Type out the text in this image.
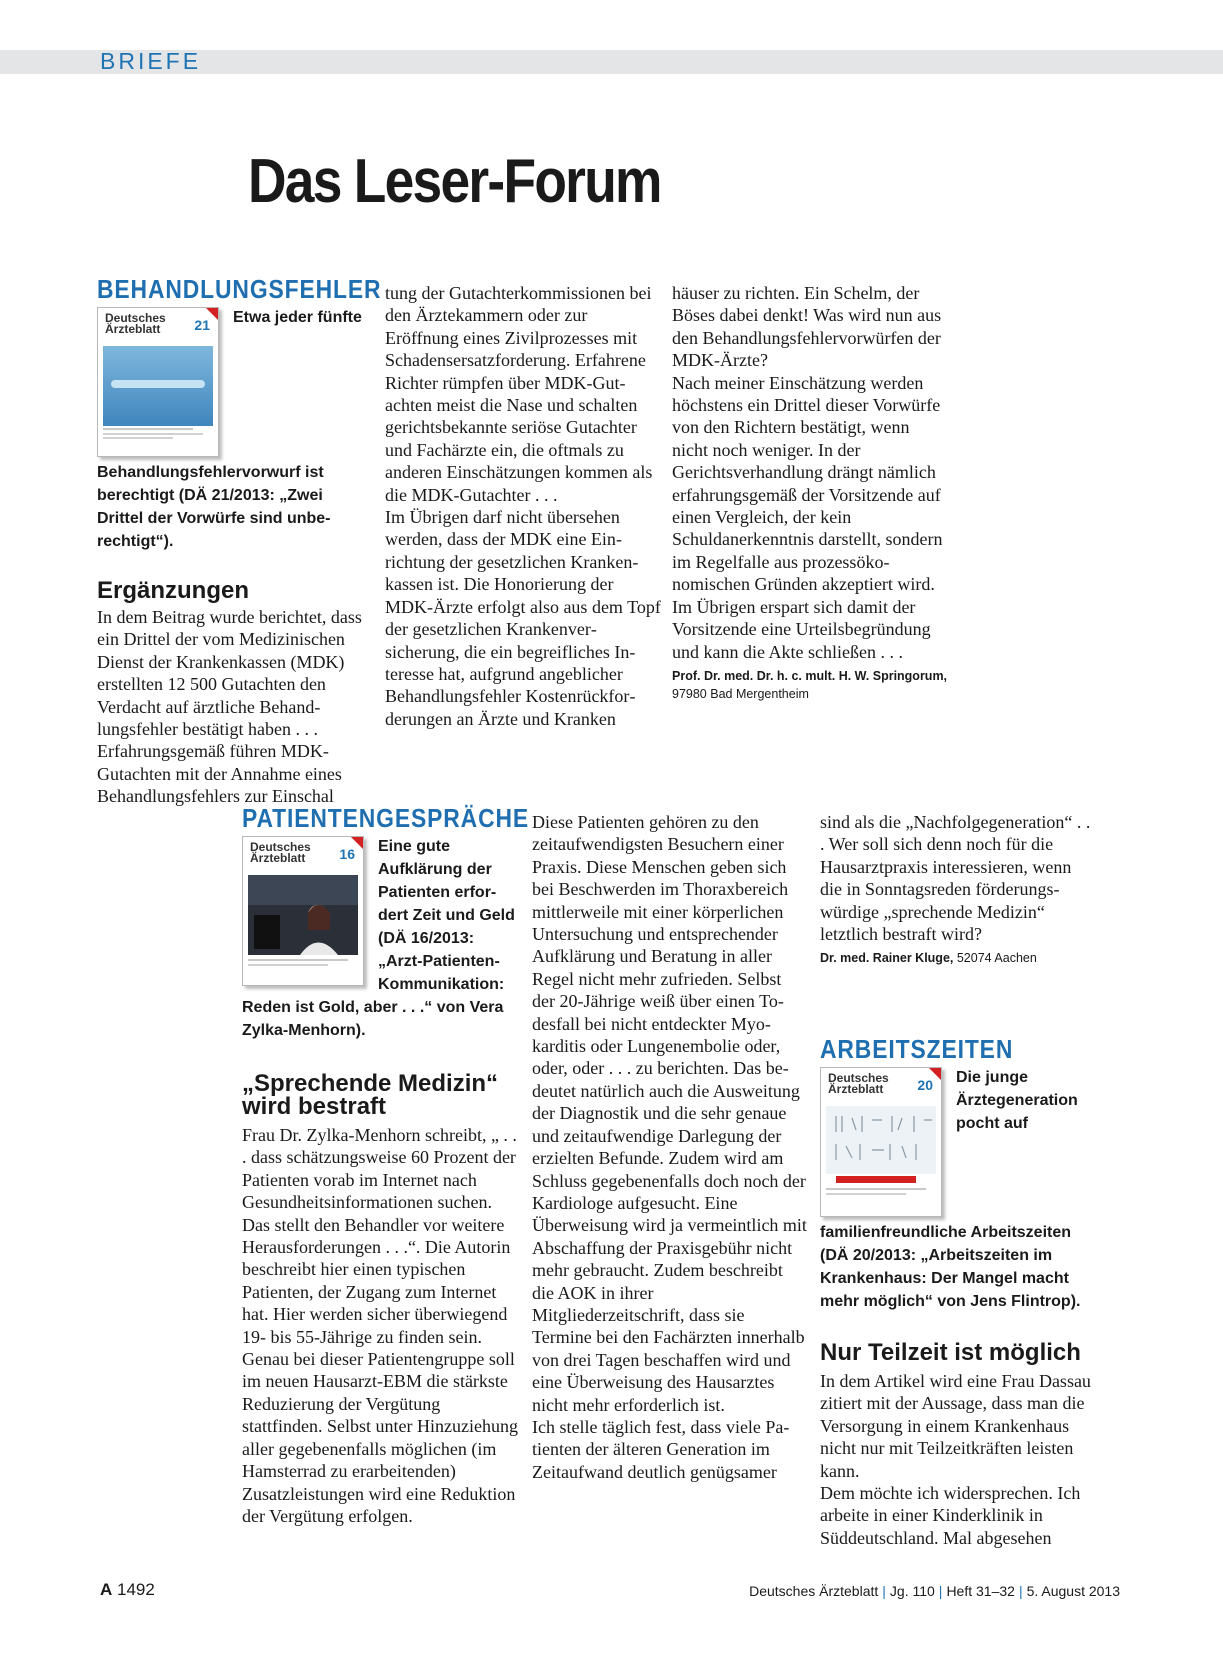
BRIEFE
Das Leser-Forum
BEHANDLUNGSFEHLER
Deutsches Ärzteblatt	21	Etwa jeder fünfte Behandlungsfehlervorwurf ist berechtigt (DÄ 21/2013: „Zwei Drittel der Vorwürfe sind unberechtigt“).
Ergänzungen

In dem Beitrag wurde berichtet, dass ein Drittel der vom Medizinischen Dienst der Krankenkassen (MDK) erstellten 12 500 Gutachten den Verdacht auf ärztliche Behandlungsfehler bestätigt haben . . . Erfahrungsgemäß führen MDK-Gutachten mit der Annahme eines Behandlungsfehlers zur Einschal

tung der Gutachterkommissionen bei den Ärztekammern oder zur Eröffnung eines Zivilprozesses mit Schadensersatzforderung. Erfahrene Richter rümpfen über MDK-Gutachten meist die Nase und schalten gerichtsbekannte seriöse Gutachter und Fachärzte ein, die oftmals zu anderen Einschätzungen kommen als die MDK-Gutachter . . .

Im Übrigen darf nicht übersehen werden, dass der MDK eine Einrichtung der gesetzlichen Krankenkassen ist. Die Honorierung der MDK-Ärzte erfolgt also aus dem Topf der gesetzlichen Krankenversicherung, die ein begreifliches Interesse hat, aufgrund angeblicher Behandlungsfehler Kostenrückforderungen an Ärzte und Kranken

häuser zu richten. Ein Schelm, der Böses dabei denkt! Was wird nun aus den Behandlungsfehlervorwürfen der MDK-Ärzte?

Nach meiner Einschätzung werden höchstens ein Drittel dieser Vorwürfe von den Richtern bestätigt, wenn nicht noch weniger. In der Gerichtsverhandlung drängt nämlich erfahrungsgemäß der Vorsitzende auf einen Vergleich, der kein Schuldanerkenntnis darstellt, sondern im Regelfalle aus prozessökonomischen Gründen akzeptiert wird. Im Übrigen erspart sich damit der Vorsitzende eine Urteilsbegründung und kann die Akte schließen . . .

Prof. Dr. med. Dr. h. c. mult. H. W. Springorum,
97980 Bad Mergentheim
PATIENTENGESPRÄCHE
Deutsches Ärzteblatt	16	Eine gute Aufklärung der Patienten erfordert Zeit und Geld (DÄ 16/2013: „Arzt-Patienten-Kommunikation: Reden ist Gold, aber . . .“ von Vera Zylka-Menhorn).
„Sprechende Medizin“ wird bestraft

Frau Dr. Zylka-Menhorn schreibt, „ . . . dass schätzungsweise 60 Prozent der Patienten vorab im Internet nach Gesundheitsinformationen suchen. Das stellt den Behandler vor weitere Herausforderungen . . .“. Die Autorin beschreibt hier einen typischen Patienten, der Zugang zum Internet hat. Hier werden sicher überwiegend 19- bis 55-Jährige zu finden sein. Genau bei dieser Patientengruppe soll im neuen Hausarzt-EBM die stärkste Reduzierung der Vergütung stattfinden. Selbst unter Hinzuziehung aller gegebenenfalls möglichen (im Hamsterrad zu erarbeitenden) Zusatzleistungen wird eine Reduktion der Vergütung erfolgen.

Diese Patienten gehören zu den zeitaufwendigsten Besuchern einer Praxis. Diese Menschen geben sich bei Beschwerden im Thoraxbereich mittlerweile mit einer körperlichen Untersuchung und entsprechender Aufklärung und Beratung in aller Regel nicht mehr zufrieden. Selbst der 20-Jährige weiß über einen Todesfall bei nicht entdeckter Myokarditis oder Lungenembolie oder, oder, oder . . . zu berichten. Das bedeutet natürlich auch die Ausweitung der Diagnostik und die sehr genaue und zeitaufwendige Darlegung der erzielten Befunde. Zudem wird am Schluss gegebenenfalls doch noch der Kardiologe aufgesucht. Eine Überweisung wird ja vermeintlich mit Abschaffung der Praxisgebühr nicht mehr gebraucht. Zudem beschreibt die AOK in ihrer Mitgliederzeitschrift, dass sie Termine bei den Fachärzten innerhalb von drei Tagen beschaffen wird und eine Überweisung des Hausarztes nicht mehr erforderlich ist.

Ich stelle täglich fest, dass viele Patienten der älteren Generation im Zeitaufwand deutlich genügsamer

sind als die „Nachfolgegeneration“ . . . Wer soll sich denn noch für die Hausarztpraxis interessieren, wenn die in Sonntagsreden förderungswürdige „sprechende Medizin“ letztlich bestraft wird?

Dr. med. Rainer Kluge, 52074 Aachen
ARBEITSZEITEN
Deutsches Ärzteblatt	20	Die junge Ärztegeneration pocht auf familienfreundliche Arbeitszeiten (DÄ 20/2013: „Arbeitszeiten im Krankenhaus: Der Mangel macht mehr möglich“ von Jens Flintrop).
Nur Teilzeit ist möglich

In dem Artikel wird eine Frau Dassau zitiert mit der Aussage, dass man die Versorgung in einem Krankenhaus nicht nur mit Teilzeitkräften leisten kann.

Dem möchte ich widersprechen. Ich arbeite in einer Kinderklinik in Süddeutschland. Mal abgesehen

A 1492	Deutsches Ärzteblatt | Jg. 110 | Heft 31–32 | 5. August 2013
